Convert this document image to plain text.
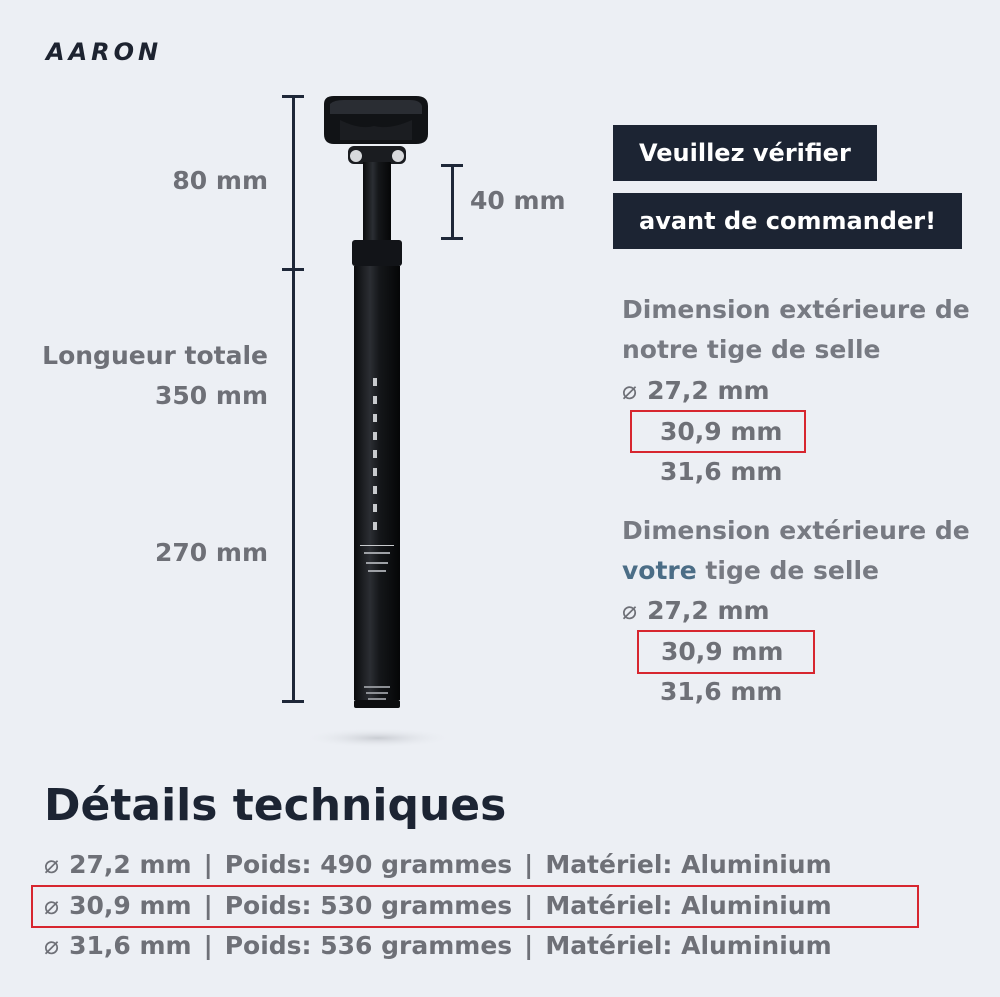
AARON
80 mm
Longueur totale
350 mm
270 mm
40 mm
Veuillez vérifier
avant de commander!
Dimension extérieure de
notre tige de selle
⌀ 27,2 mm
30,9 mm
31,6 mm
Dimension extérieure de
votre tige de selle
⌀ 27,2 mm
30,9 mm
31,6 mm
Détails techniques
⌀ 27,2 mm | Poids: 490 grammes | Matériel: Aluminium
⌀ 30,9 mm | Poids: 530 grammes | Matériel: Aluminium
⌀ 31,6 mm | Poids: 536 grammes | Matériel: Aluminium
